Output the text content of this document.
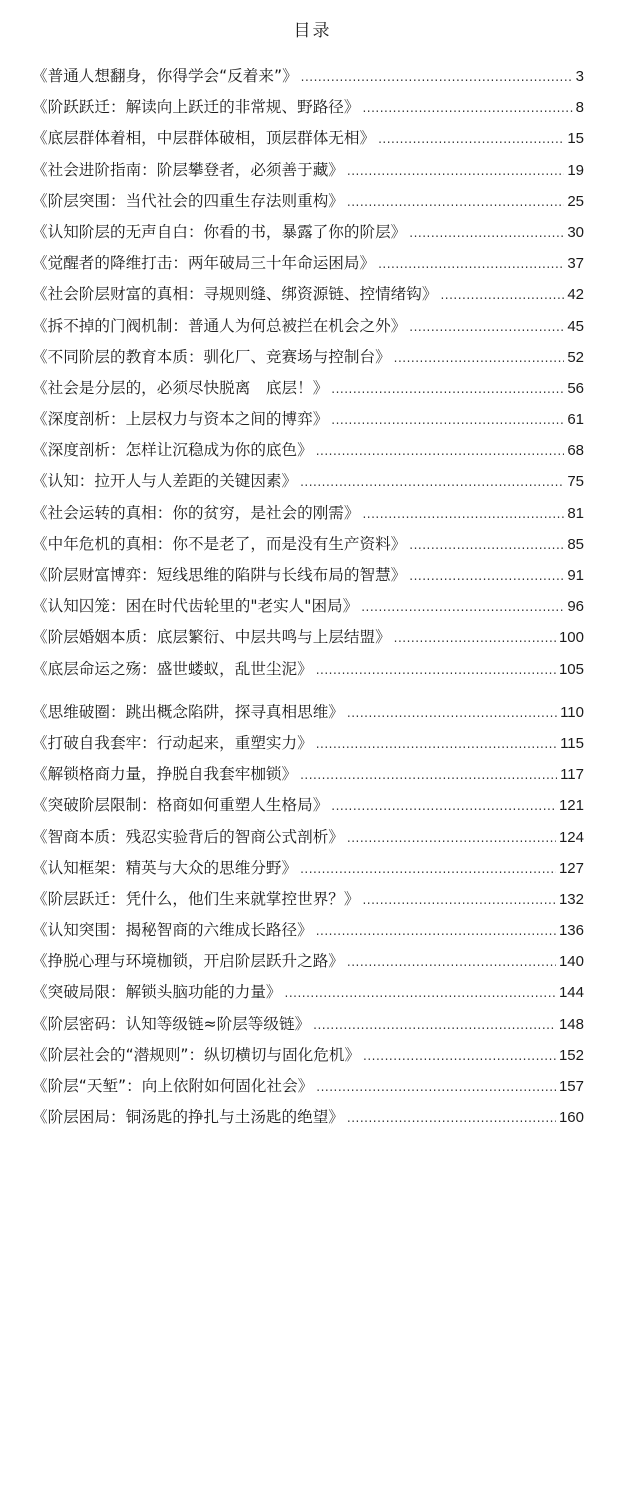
目录
《普通人想翻身，你得学会“反着来”》 .....	3
《阶跃跃迁：解读向上跃迁的非常规、野路径》 .....	8
《底层群体着相，中层群体破相，顶层群体无相》 .....	15
《社会进阶指南：阶层攀登者，必须善于藏》 .....	19
《阶层突围：当代社会的四重生存法则重构》 .....	25
《认知阶层的无声自白：你看的书，暴露了你的阶层》 .....	30
《觉醒者的降维打击：两年破局三十年命运困局》 .....	37
《社会阶层财富的真相：寻规则缝、绑资源链、控情绪钩》 .....	42
《拆不掉的门阀机制：普通人为何总被拦在机会之外》 .....	45
《不同阶层的教育本质：驯化厂、竞赛场与控制台》 .....	52
《社会是分层的，必须尽快脱离　底层！》 .....	56
《深度剖析：上层权力与资本之间的博弈》 .....	61
《深度剖析：怎样让沉稳成为你的底色》 .....	68
《认知：拉开人与人差距的关键因素》 .....	75
《社会运转的真相：你的贫穷，是社会的刚需》 .....	81
《中年危机的真相：你不是老了，而是没有生产资料》 .....	85
《阶层财富博弈：短线思维的陷阱与长线布局的智慧》 .....	91
《认知囚笼：困在时代齿轮里的"老实人"困局》 .....	96
《阶层婚姻本质：底层繁衍、中层共鸣与上层结盟》 .....	100
《底层命运之殇：盛世蝼蚁，乱世尘泥》 .....	105
《思维破圈：跳出概念陷阱，探寻真相思维》 .....	110
《打破自我套牢：行动起来，重塑实力》 .....	115
《解锁格商力量，挣脱自我套牢枷锁》 .....	117
《突破阶层限制：格商如何重塑人生格局》 .....	121
《智商本质：残忍实验背后的智商公式剖析》 .....	124
《认知框架：精英与大众的思维分野》 .....	127
《阶层跃迁：凭什么，他们生来就掌控世界？》 .....	132
《认知突围：揭秘智商的六维成长路径》 .....	136
《挣脱心理与环境枷锁，开启阶层跃升之路》 .....	140
《突破局限：解锁头脑功能的力量》 .....	144
《阶层密码：认知等级链≈阶层等级链》 .....	148
《阶层社会的“潜规则”：纵切横切与固化危机》 .....	152
《阶层“天堑”：向上依附如何固化社会》 .....	157
《阶层困局：铜汤匙的挣扎与土汤匙的绝望》 .....	160
